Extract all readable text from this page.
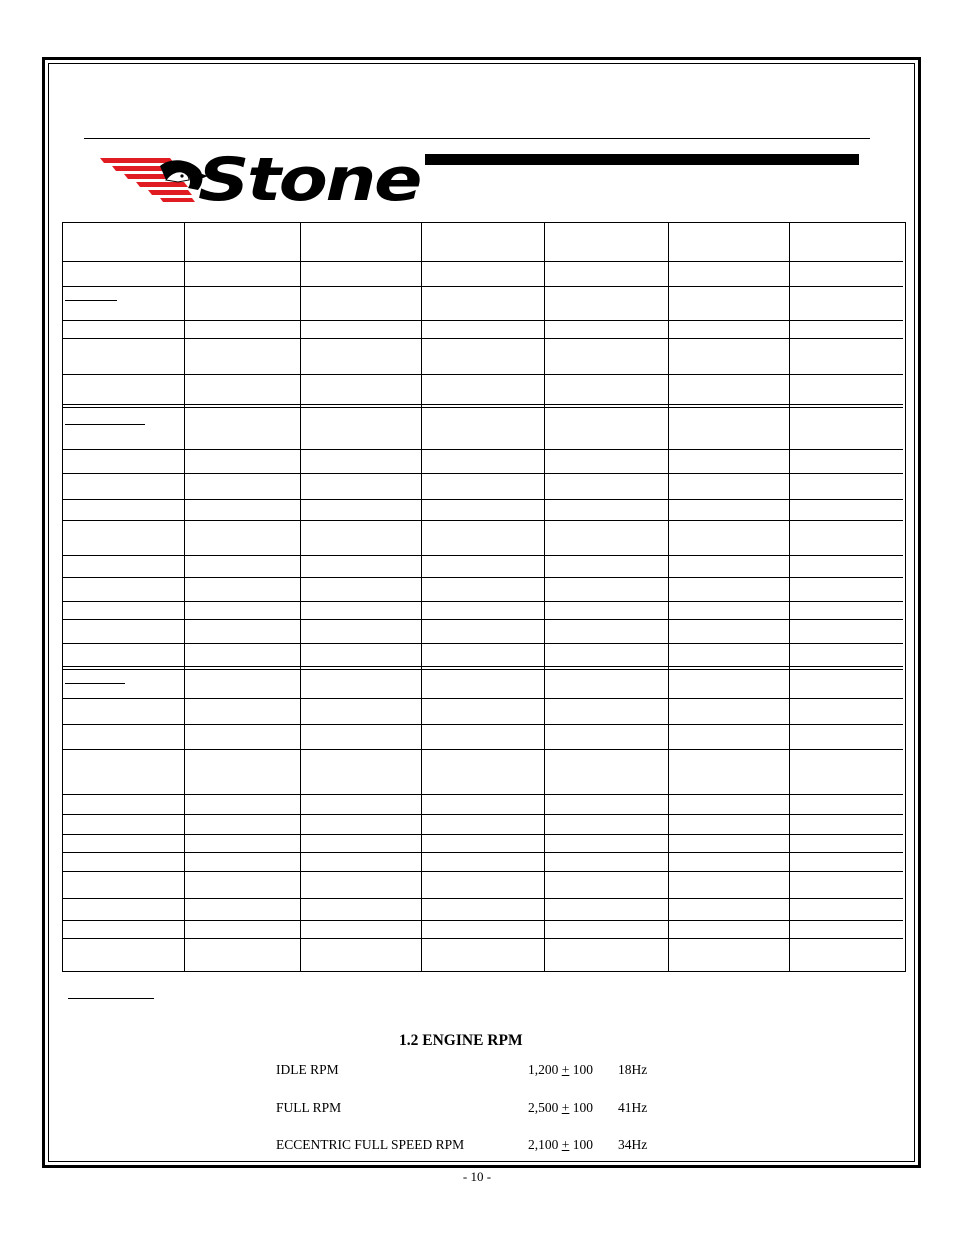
Stone
1.2 ENGINE RPM
IDLE RPM	1,200 + 100 18Hz
FULL RPM	2,500 + 100 41Hz
ECCENTRIC FULL SPEED RPM	2,100 + 100 34Hz
- 10 -
